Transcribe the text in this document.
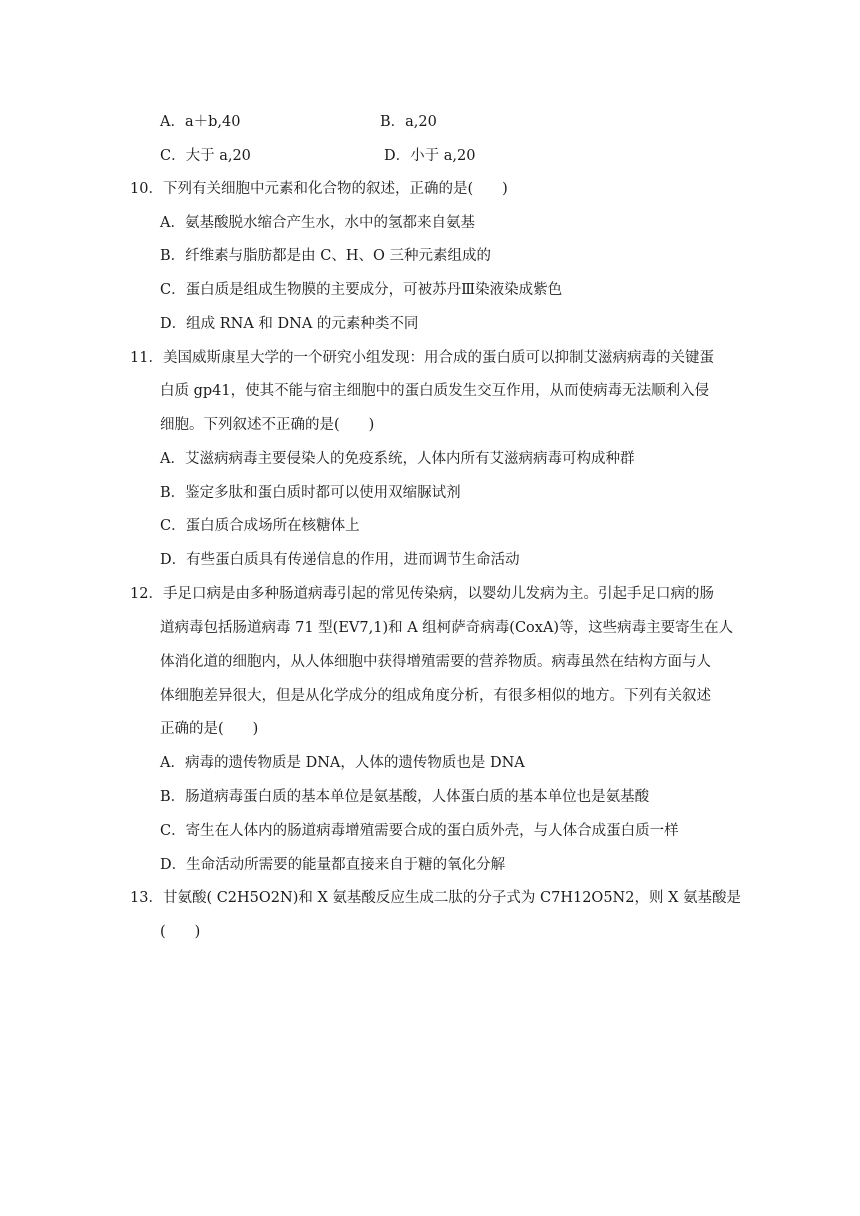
A．a＋b,40	B．a,20
C．大于 a,20	D．小于 a,20
10．下列有关细胞中元素和化合物的叙述，正确的是(　　)
A．氨基酸脱水缩合产生水，水中的氢都来自氨基
B．纤维素与脂肪都是由 C、H、O 三种元素组成的
C．蛋白质是组成生物膜的主要成分，可被苏丹Ⅲ染液染成紫色
D．组成 RNA 和 DNA 的元素种类不同
11．美国威斯康星大学的一个研究小组发现：用合成的蛋白质可以抑制艾滋病病毒的关键蛋
白质 gp41，使其不能与宿主细胞中的蛋白质发生交互作用，从而使病毒无法顺利入侵
细胞。下列叙述不正确的是(　　)
A．艾滋病病毒主要侵染人的免疫系统，人体内所有艾滋病病毒可构成种群
B．鉴定多肽和蛋白质时都可以使用双缩脲试剂
C．蛋白质合成场所在核糖体上
D．有些蛋白质具有传递信息的作用，进而调节生命活动
12．手足口病是由多种肠道病毒引起的常见传染病，以婴幼儿发病为主。引起手足口病的肠
道病毒包括肠道病毒 71 型(EV7,1)和 A 组柯萨奇病毒(CoxA)等，这些病毒主要寄生在人
体消化道的细胞内，从人体细胞中获得增殖需要的营养物质。病毒虽然在结构方面与人
体细胞差异很大，但是从化学成分的组成角度分析，有很多相似的地方。下列有关叙述
正确的是(　　)
A．病毒的遗传物质是 DNA，人体的遗传物质也是 DNA
B．肠道病毒蛋白质的基本单位是氨基酸，人体蛋白质的基本单位也是氨基酸
C．寄生在人体内的肠道病毒增殖需要合成的蛋白质外壳，与人体合成蛋白质一样
D．生命活动所需要的能量都直接来自于糖的氧化分解
13．甘氨酸( C2H5O2N)和 X 氨基酸反应生成二肽的分子式为 C7H12O5N2，则 X 氨基酸是
(　　)
